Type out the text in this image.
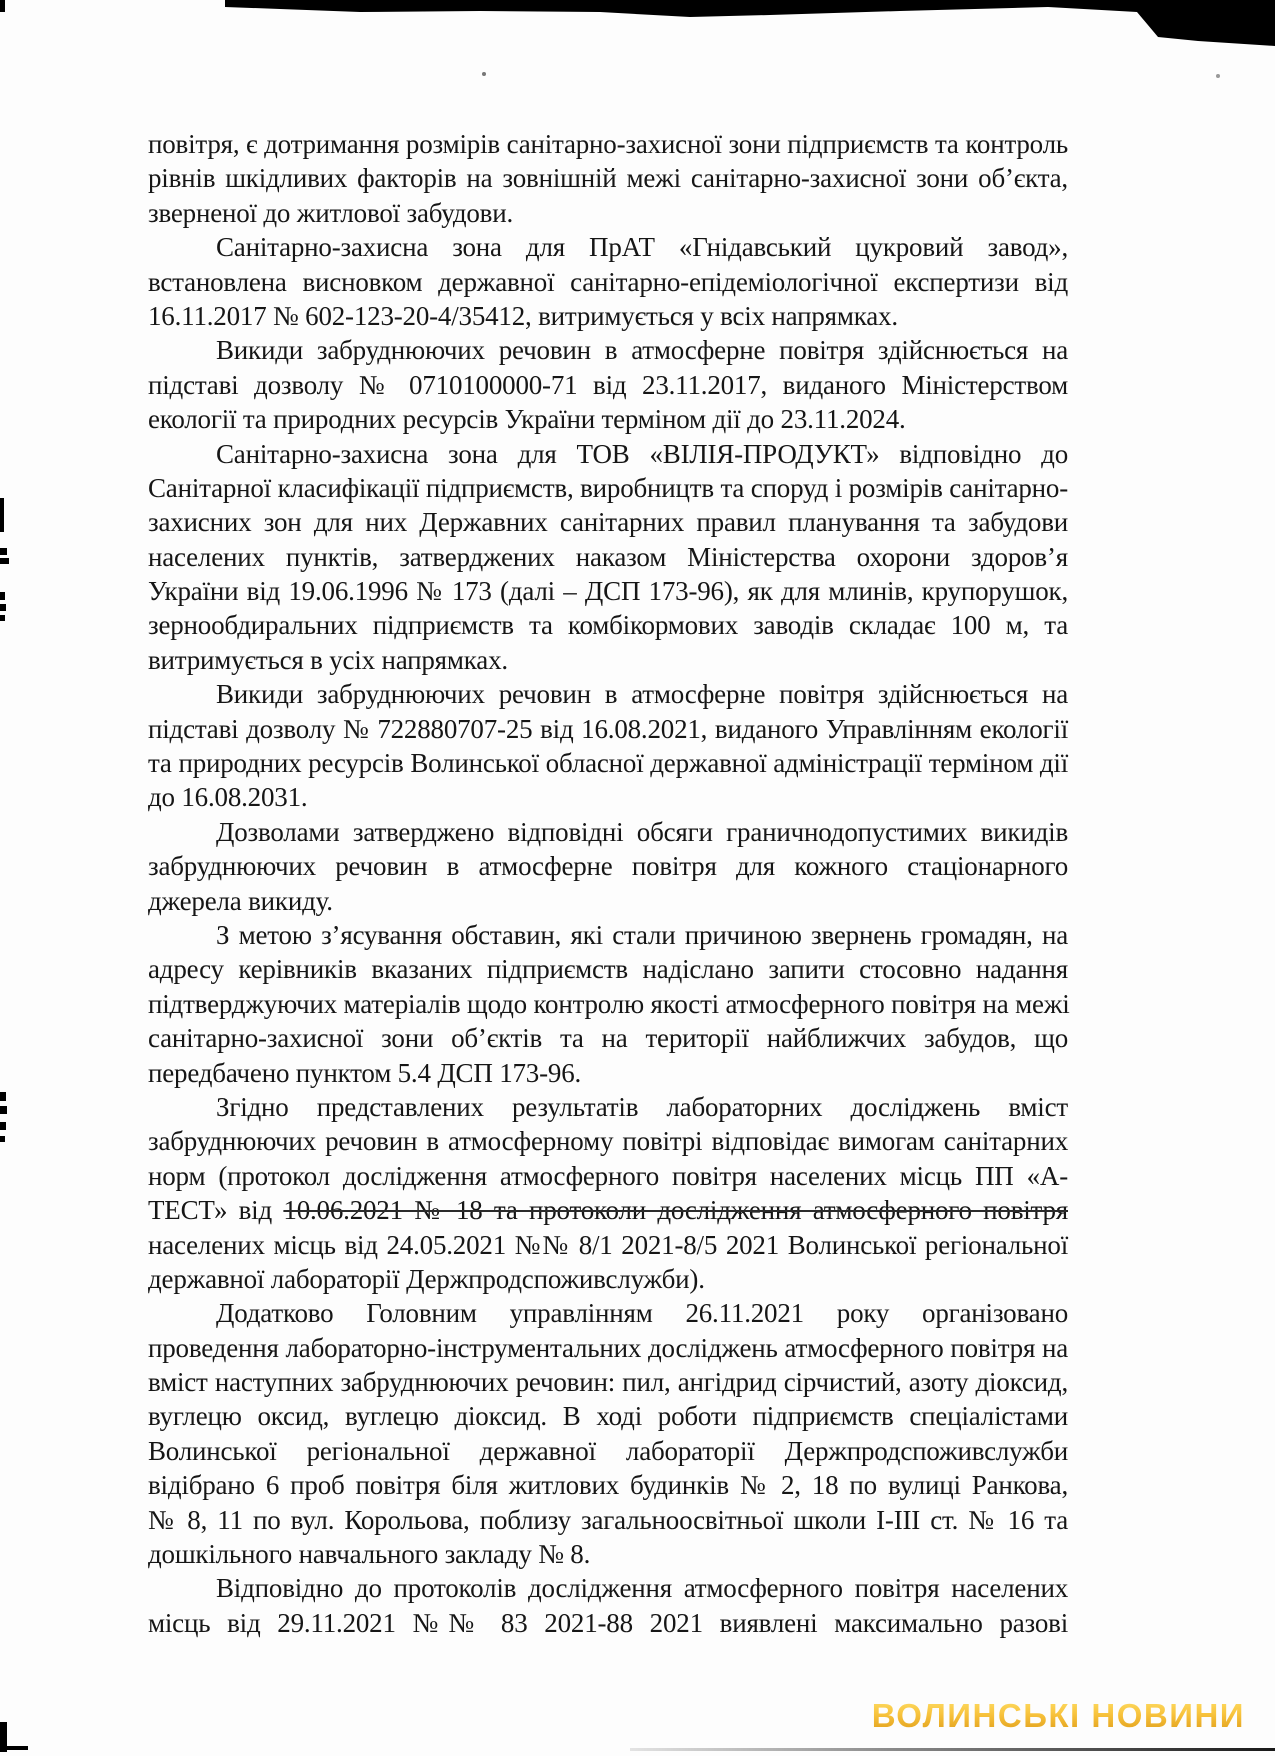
повітря, є дотримання розмірів санітарно-захисної зони підприємств та контроль
рівнів шкідливих факторів на зовнішній межі санітарно-захисної зони об’єкта,
зверненої до житлової забудови.
Санітарно-захисна зона для ПрАТ «Гнідавський цукровий завод»,
встановлена висновком державної санітарно-епідеміологічної експертизи від
16.11.2017 № 602-123-20-4/35412, витримується у всіх напрямках.
Викиди забруднюючих речовин в атмосферне повітря здійснюється на
підставі дозволу № 0710100000-71 від 23.11.2017, виданого Міністерством
екології та природних ресурсів України терміном дії до 23.11.2024.
Санітарно-захисна зона для ТОВ «ВІЛІЯ-ПРОДУКТ» відповідно до
Санітарної класифікації підприємств, виробництв та споруд і розмірів санітарно-
захисних зон для них Державних санітарних правил планування та забудови
населених пунктів, затверджених наказом Міністерства охорони здоров’я
України від 19.06.1996 № 173 (далі – ДСП 173-96), як для млинів, крупорушок,
зернообдиральних підприємств та комбікормових заводів складає 100 м, та
витримується в усіх напрямках.
Викиди забруднюючих речовин в атмосферне повітря здійснюється на
підставі дозволу № 722880707-25 від 16.08.2021, виданого Управлінням екології
та природних ресурсів Волинської обласної державної адміністрації терміном дії
до 16.08.2031.
Дозволами затверджено відповідні обсяги граничнодопустимих викидів
забруднюючих речовин в атмосферне повітря для кожного стаціонарного
джерела викиду.
З метою з’ясування обставин, які стали причиною звернень громадян, на
адресу керівників вказаних підприємств надіслано запити стосовно надання
підтверджуючих матеріалів щодо контролю якості атмосферного повітря на межі
санітарно-захисної зони об’єктів та на території найближчих забудов, що
передбачено пунктом 5.4 ДСП 173-96.
Згідно представлених результатів лабораторних досліджень вміст
забруднюючих речовин в атмосферному повітрі відповідає вимогам санітарних
норм (протокол дослідження атмосферного повітря населених місць ПП «А-
ТЕСТ» від 10.06.2021 № 18 та протоколи дослідження атмосферного повітря
населених місць від 24.05.2021 №№ 8/1 2021-8/5 2021 Волинської регіональної
державної лабораторії Держпродспоживслужби).
Додатково Головним управлінням 26.11.2021 року організовано
проведення лабораторно-інструментальних досліджень атмосферного повітря на
вміст наступних забруднюючих речовин: пил, ангідрид сірчистий, азоту діоксид,
вуглецю оксид, вуглецю діоксид. В ході роботи підприємств спеціалістами
Волинської регіональної державної лабораторії Держпродспоживслужби
відібрано 6 проб повітря біля житлових будинків № 2, 18 по вулиці Ранкова,
№ 8, 11 по вул. Корольова, поблизу загальноосвітньої школи І-ІІІ ст. № 16 та
дошкільного навчального закладу № 8.
Відповідно до протоколів дослідження атмосферного повітря населених
місць від 29.11.2021 №№ 83 2021-88 2021 виявлені максимально разові
ВОЛИНСЬКІ НОВИНИ
